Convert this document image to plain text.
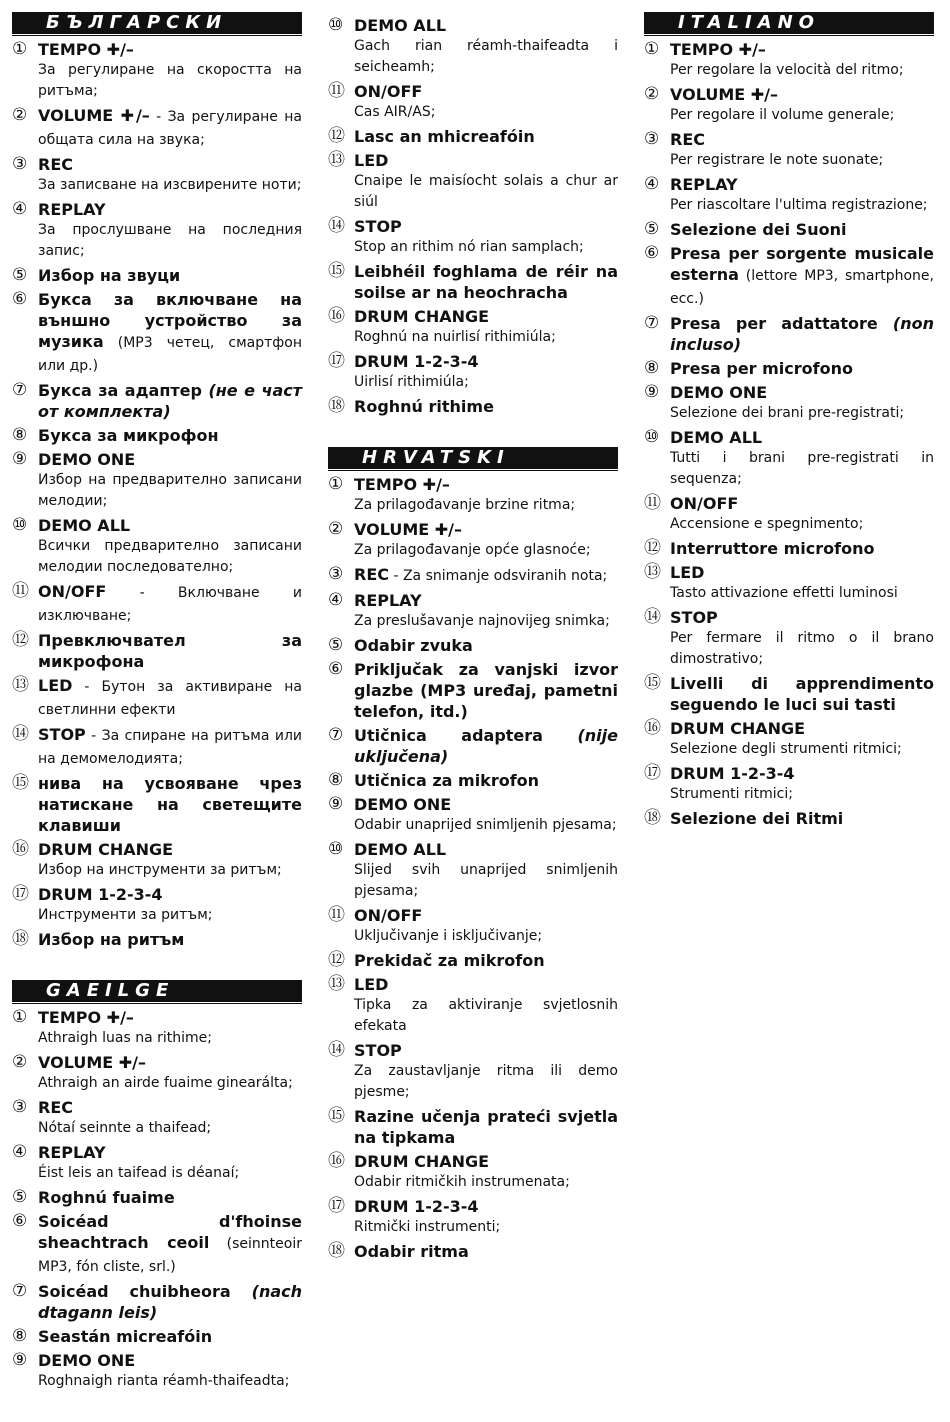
БЪЛГАРСКИ
① TEMPO ✚/–
За регулиране на скоростта на ритъма;
② VOLUME ✚/– - За регулиране на общата сила на звука;
③ REC
За записване на изсвирените ноти;
④ REPLAY
За прослушване на последния запис;
⑤ Избор на звуци
⑥ Букса за включване на външно устройство за музика (MP3 четец, смартфон или др.)
⑦ Букса за адаптер (не е част от комплекта)
⑧ Букса за микрофон
⑨ DEMO ONE
Избор на предварително записани мелодии;
⑩ DEMO ALL
Всички предварително записани мелодии последователно;
⑪ ON/OFF - Включване и изключване;
⑫ Превключвател за микрофона
⑬ LED - Бутон за активиране на светлинни ефекти
⑭ STOP - За спиране на ритъма или на демомелодията;
⑮ нива на усвояване чрез натискане на светещите клавиши
⑯ DRUM CHANGE
Избор на инструменти за ритъм;
⑰ DRUM 1-2-3-4
Инструменти за ритъм;
⑱ Избор на ритъм
GAEILGE
① TEMPO ✚/–
Athraigh luas na rithime;
② VOLUME ✚/–
Athraigh an airde fuaime ginearálta;
③ REC
Nótaí seinnte a thaifead;
④ REPLAY
Éist leis an taifead is déanaí;
⑤ Roghnú fuaime
⑥ Soicéad d'fhoinse sheachtrach ceoil (seinnteoir MP3, fón cliste, srl.)
⑦ Soicéad chuibheora (nach dtagann leis)
⑧ Seastán micreafóin
⑨ DEMO ONE
Roghnaigh rianta réamh-thaifeadta;
⑩ DEMO ALL
Gach rian réamh-thaifeadta i seicheamh;
⑪ ON/OFF
Cas AIR/AS;
⑫ Lasc an mhicreafóin
⑬ LED
Cnaipe le maisíocht solais a chur ar siúl
⑭ STOP
Stop an rithim nó rian samplach;
⑮ Leibhéil foghlama de réir na soilse ar na heochracha
⑯ DRUM CHANGE
Roghnú na nuirlisí rithimiúla;
⑰ DRUM 1-2-3-4
Uirlisí rithimiúla;
⑱ Roghnú rithime
HRVATSKI
① TEMPO ✚/–
Za prilagođavanje brzine ritma;
② VOLUME ✚/–
Za prilagođavanje opće glasnoće;
③ REC - Za snimanje odsviranih nota;
④ REPLAY
Za preslušavanje najnovijeg snimka;
⑤ Odabir zvuka
⑥ Priključak za vanjski izvor glazbe (MP3 uređaj, pametni telefon, itd.)
⑦ Utičnica adaptera (nije uključena)
⑧ Utičnica za mikrofon
⑨ DEMO ONE
Odabir unaprijed snimljenih pjesama;
⑩ DEMO ALL
Slijed svih unaprijed snimljenih pjesama;
⑪ ON/OFF
Uključivanje i isključivanje;
⑫ Prekidač za mikrofon
⑬ LED
Tipka za aktiviranje svjetlosnih efekata
⑭ STOP
Za zaustavljanje ritma ili demo pjesme;
⑮ Razine učenja prateći svjetla na tipkama
⑯ DRUM CHANGE
Odabir ritmičkih instrumenata;
⑰ DRUM 1-2-3-4
Ritmički instrumenti;
⑱ Odabir ritma
ITALIANO
① TEMPO ✚/–
Per regolare la velocità del ritmo;
② VOLUME ✚/–
Per regolare il volume generale;
③ REC
Per registrare le note suonate;
④ REPLAY
Per riascoltare l'ultima registrazione;
⑤ Selezione dei Suoni
⑥ Presa per sorgente musicale esterna (lettore MP3, smartphone, ecc.)
⑦ Presa per adattatore (non incluso)
⑧ Presa per microfono
⑨ DEMO ONE
Selezione dei brani pre-registrati;
⑩ DEMO ALL
Tutti i brani pre-registrati in sequenza;
⑪ ON/OFF
Accensione e spegnimento;
⑫ Interruttore microfono
⑬ LED
Tasto attivazione effetti luminosi
⑭ STOP
Per fermare il ritmo o il brano dimostrativo;
⑮ Livelli di apprendimento seguendo le luci sui tasti
⑯ DRUM CHANGE
Selezione degli strumenti ritmici;
⑰ DRUM 1-2-3-4
Strumenti ritmici;
⑱ Selezione dei Ritmi
